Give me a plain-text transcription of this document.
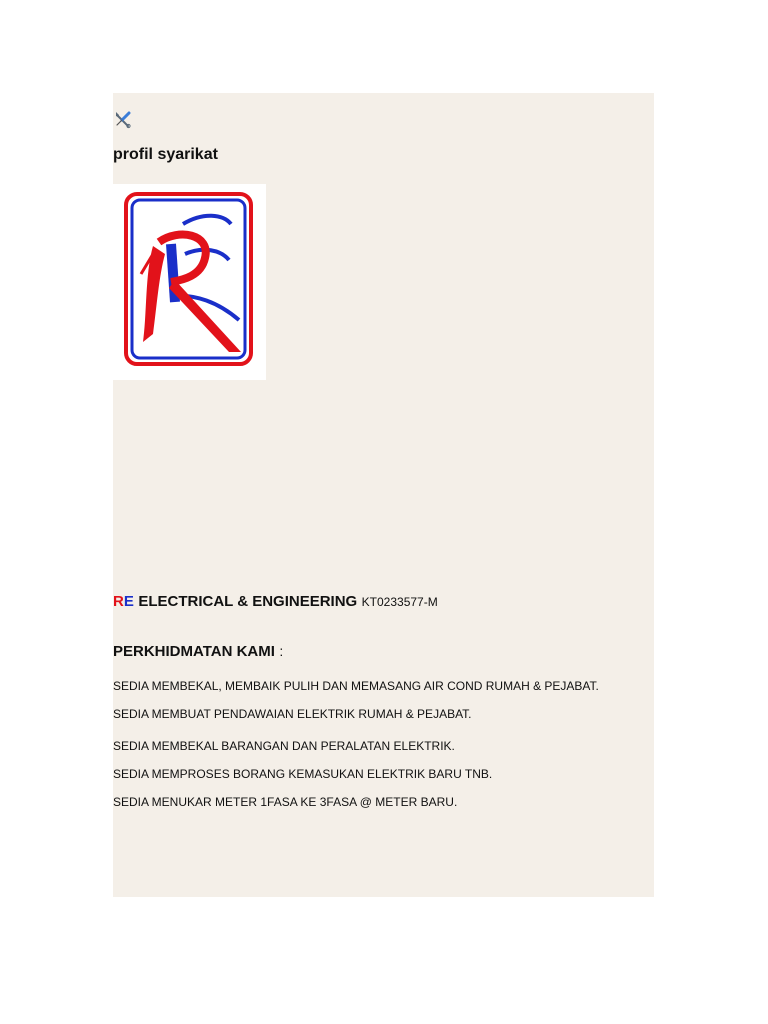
profil syarikat
RE ELECTRICAL & ENGINEERING KT0233577-M
PERKHIDMATAN KAMI :

SEDIA MEMBEKAL, MEMBAIK PULIH DAN MEMASANG AIR COND RUMAH & PEJABAT.

SEDIA MEMBUAT PENDAWAIAN ELEKTRIK RUMAH & PEJABAT.

SEDIA MEMBEKAL BARANGAN DAN PERALATAN ELEKTRIK.

SEDIA MEMPROSES BORANG KEMASUKAN ELEKTRIK BARU TNB.

SEDIA MENUKAR METER 1FASA KE 3FASA @ METER BARU.
